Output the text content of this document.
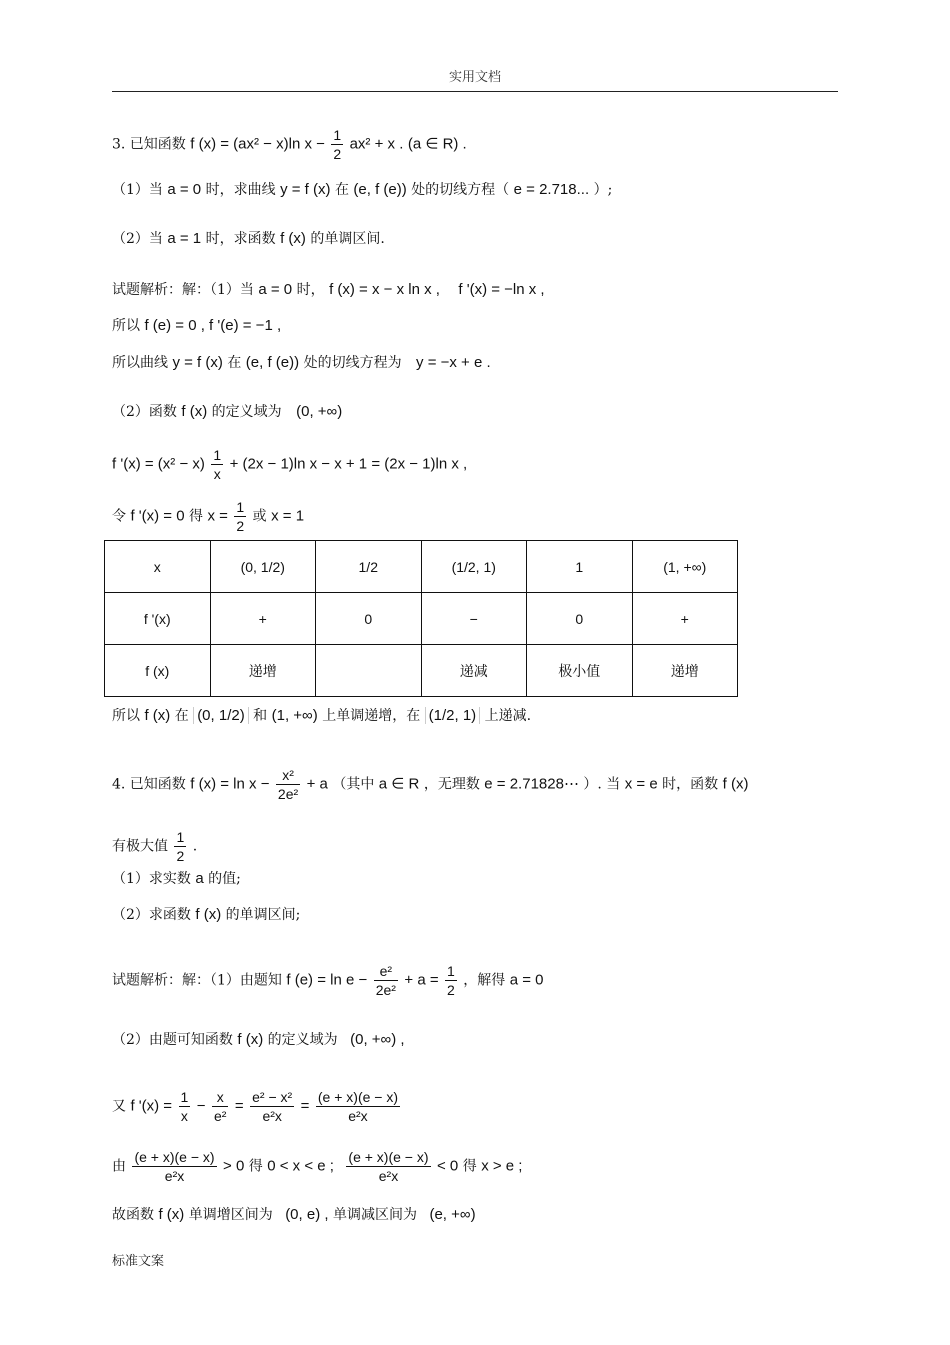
实用文档
3. 已知函数 f (x) = (ax² − x)ln $x - \frac{1}{2} ax^2 + x$ . (a ∈ R) .
（1）当 a = 0 时，求曲线 y = f (x) 在 (e, f (e)) 处的切线方程（ e = 2.718... ）;
（2）当 a = 1 时，求函数 f (x) 的单调区间.
试题解析：解：（1）当 a = 0 时， f (x) = x − x ln x , f '(x) = −ln x ,
所以 f (e) = 0 , f '(e) = −1 ,
所以曲线 y = f (x) 在 (e, f (e)) 处的切线方程为 y = −x + e .
（2）函数 f (x) 的定义域为 (0, +∞)
f '$(x) = (x^2 - x) \frac{1}{x} + (2x - 1)\ln$ x − x + 1 = (2x − 1)ln x ,
令 f '(x) = 0 得 $x = \frac{1}{2}$ 或 x = 1
x	(0, 1/2)	1/2	(1/2, 1)	1	(1, +∞)
f '(x)	+	0	−	0	+
f (x)	递增		递减	极小值	递增
所以 f (x) 在 (0, 1/2) 和 (1, +∞) 上单调递增，在 (1/2, 1) 上递减.
4. 已知函数 f $(x) = \ln x - \frac{\text{x²}}{\text{2e²}} + a$ （其中 a ∈ R ，无理数 e = 2.71828⋯ ）. 当 x = e 时，函数 f (x)
有极大值 $\frac{1}{2}$ .
（1）求实数 a 的值;
（2）求函数 f (x) 的单调区间;
试题解析：解：（1）由题知 f $(e) = \ln e - \frac{\text{e²}}{\text{2e²}} + a = \frac{1}{2}$ ，解得 a = 0
（2）由题可知函数 f (x) 的定义域为 (0, +∞) ,
又 f '$(x) = \frac{1}{x} - \frac{x}{\text{e²}} = \frac{\text{e² − x²}}{\text{e²x}} = \frac{(e + x)(e - x)}{\text{e²x}}$
由 $\frac{(e + x)(e - x)}{\text{e²x}} > 0$ 得 0 < x < e ; $\frac{(e + x)(e - x)}{\text{e²x}} < 0$ 得 x > e ;
故函数 f (x) 单调增区间为 (0, e) , 单调减区间为 (e, +∞)
标准文案
